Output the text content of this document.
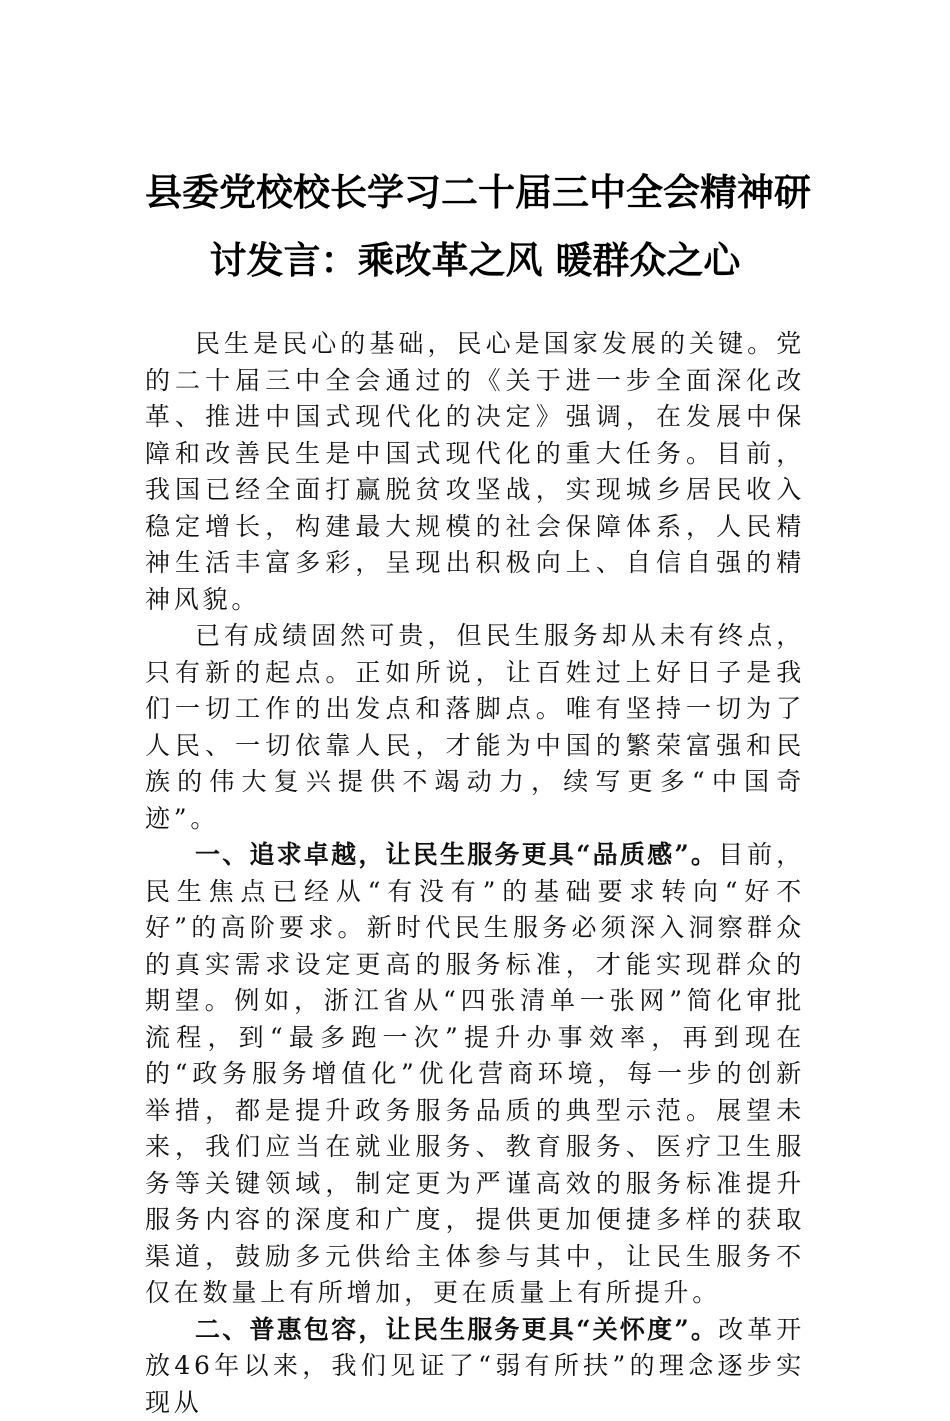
县委党校校长学习二十届三中全会精神研
讨发言：乘改革之风 暖群众之心

民生是民心的基础，民心是国家发展的关键。党的二十届三中全会通过的《关于进一步全面深化改革、推进中国式现代化的决定》强调，在发展中保障和改善民生是中国式现代化的重大任务。目前，我国已经全面打赢脱贫攻坚战，实现城乡居民收入稳定增长，构建最大规模的社会保障体系，人民精神生活丰富多彩，呈现出积极向上、自信自强的精神风貌。

已有成绩固然可贵，但民生服务却从未有终点，只有新的起点。正如所说，让百姓过上好日子是我们一切工作的出发点和落脚点。唯有坚持一切为了人民、一切依靠人民，才能为中国的繁荣富强和民族的伟大复兴提供不竭动力，续写更多“中国奇迹”。

一、追求卓越，让民生服务更具“品质感”。目前，民生焦点已经从“有没有”的基础要求转向“好不好”的高阶要求。新时代民生服务必须深入洞察群众的真实需求设定更高的服务标准，才能实现群众的期望。例如，浙江省从“四张清单一张网”简化审批流程，到“最多跑一次”提升办事效率，再到现在的“政务服务增值化”优化营商环境，每一步的创新举措，都是提升政务服务品质的典型示范。展望未来，我们应当在就业服务、教育服务、医疗卫生服务等关键领域，制定更为严谨高效的服务标准提升服务内容的深度和广度，提供更加便捷多样的获取渠道，鼓励多元供给主体参与其中，让民生服务不仅在数量上有所增加，更在质量上有所提升。

二、普惠包容，让民生服务更具“关怀度”。改革开放46年以来，我们见证了“弱有所扶”的理念逐步实现从
